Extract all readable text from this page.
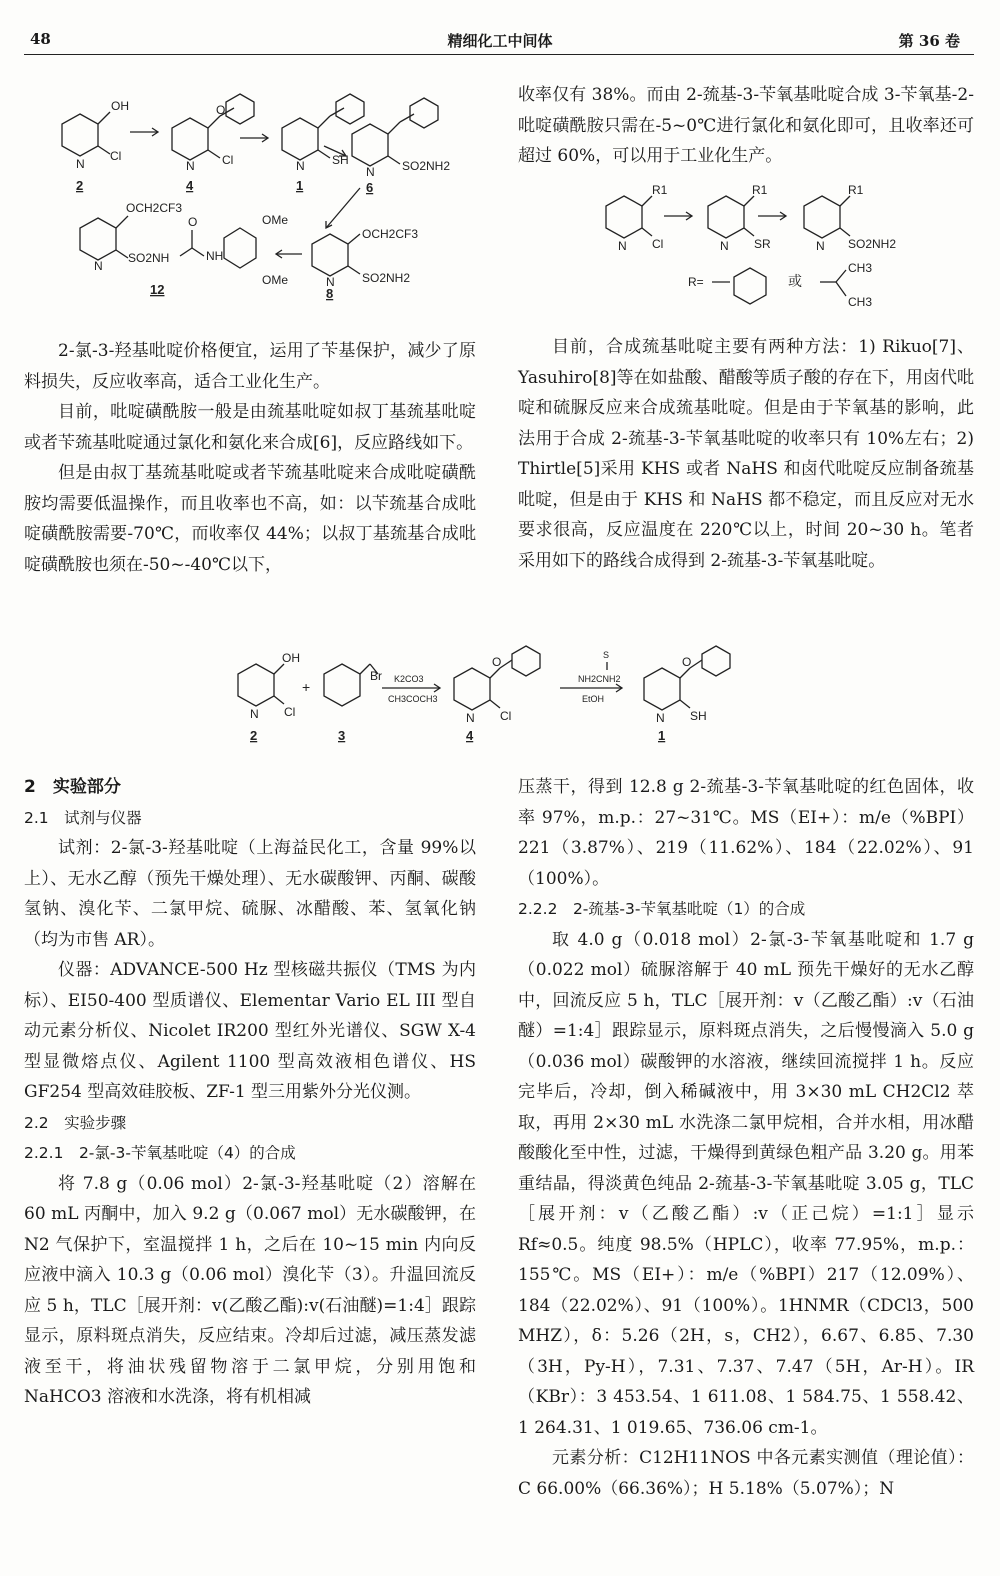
48	精细化工中间体	第 36 卷
OH
Cl
N	Cl
N
O
SH
N	SO2NH2
N
OCH2CF3
SO2NH2
N
OCH2CF3
SO2NH
N
O
NH
OMe
OMe
2	4	1	6
12	8

2-氯-3-羟基吡啶价格便宜，运用了苄基保护，减少了原料损失，反应收率高，适合工业化生产。

目前，吡啶磺酰胺一般是由巯基吡啶如叔丁基巯基吡啶或者苄巯基吡啶通过氯化和氨化来合成[6]，反应路线如下。

但是由叔丁基巯基吡啶或者苄巯基吡啶来合成吡啶磺酰胺均需要低温操作，而且收率也不高，如：以苄巯基合成吡啶磺酰胺需要-70℃，而收率仅 44%；以叔丁基巯基合成吡啶磺酰胺也须在-50~-40℃以下，

收率仅有 38%。而由 2-巯基-3-苄氧基吡啶合成 3-苄氧基-2-吡啶磺酰胺只需在-5~0℃进行氯化和氨化即可，且收率还可超过 60%，可以用于工业化生产。

R1
N Cl
R1
N SR
R1
N SO2NH2
R=	或
CH3
CH3

目前，合成巯基吡啶主要有两种方法：1) Rikuo[7]、Yasuhiro[8]等在如盐酸、醋酸等质子酸的存在下，用卤代吡啶和硫脲反应来合成巯基吡啶。但是由于苄氧基的影响，此法用于合成 2-巯基-3-苄氧基吡啶的收率只有 10%左右；2) Thirtle[5]采用 KHS 或者 NaHS 和卤代吡啶反应制备巯基吡啶，但是由于 KHS 和 NaHS 都不稳定，而且反应对无水要求很高，反应温度在 220℃以上，时间 20~30 h。笔者采用如下的路线合成得到 2-巯基-3-苄氧基吡啶。

OH
N Cl
+
Br K2CO3
CH3COCH3
O
N Cl
S
NH2CNH2
EtOH
O
N SH
2	3	4	1

2　实验部分

2.1　试剂与仪器

试剂：2-氯-3-羟基吡啶（上海益民化工，含量 99%以上）、无水乙醇（预先干燥处理）、无水碳酸钾、丙酮、碳酸氢钠、溴化苄、二氯甲烷、硫脲、冰醋酸、苯、氢氧化钠（均为市售 AR）。

仪器：ADVANCE-500 Hz 型核磁共振仪（TMS 为内标）、EI50-400 型质谱仪、Elementar Vario EL III 型自动元素分析仪、Nicolet IR200 型红外光谱仪、SGW X-4 型显微熔点仪、Agilent 1100 型高效液相色谱仪、HS GF254 型高效硅胶板、ZF-1 型三用紫外分光仪测。

2.2　实验步骤

2.2.1　2-氯-3-苄氧基吡啶（4）的合成

将 7.8 g（0.06 mol）2-氯-3-羟基吡啶（2）溶解在 60 mL 丙酮中，加入 9.2 g（0.067 mol）无水碳酸钾，在 N2 气保护下，室温搅拌 1 h，之后在 10~15 min 内向反应液中滴入 10.3 g（0.06 mol）溴化苄（3）。升温回流反应 5 h，TLC［展开剂：v(乙酸乙酯):v(石油醚)=1:4］跟踪显示，原料斑点消失，反应结束。冷却后过滤，减压蒸发滤液至干，将油状残留物溶于二氯甲烷，分别用饱和 NaHCO3 溶液和水洗涤，将有机相减

压蒸干，得到 12.8 g 2-巯基-3-苄氧基吡啶的红色固体，收率 97%，m.p.：27~31℃。MS（EI+）：m/e（%BPI）221（3.87%）、219（11.62%）、184（22.02%）、91（100%）。

2.2.2　2-巯基-3-苄氧基吡啶（1）的合成

取 4.0 g（0.018 mol）2-氯-3-苄氧基吡啶和 1.7 g（0.022 mol）硫脲溶解于 40 mL 预先干燥好的无水乙醇中，回流反应 5 h，TLC［展开剂：v（乙酸乙酯）:v（石油醚）=1:4］跟踪显示，原料斑点消失，之后慢慢滴入 5.0 g（0.036 mol）碳酸钾的水溶液，继续回流搅拌 1 h。反应完毕后，冷却，倒入稀碱液中，用 3×30 mL CH2Cl2 萃取，再用 2×30 mL 水洗涤二氯甲烷相，合并水相，用冰醋酸酸化至中性，过滤，干燥得到黄绿色粗产品 3.20 g。用苯重结晶，得淡黄色纯品 2-巯基-3-苄氧基吡啶 3.05 g，TLC［展开剂：v（乙酸乙酯）:v（正己烷）=1:1］显示 Rf≈0.5。纯度 98.5%（HPLC），收率 77.95%，m.p.：155℃。MS（EI+）：m/e（%BPI）217（12.09%）、184（22.02%）、91（100%）。1HNMR（CDCl3，500 MHZ），δ：5.26（2H，s，CH2），6.67、6.85、7.30（3H，Py-H），7.31、7.37、7.47（5H，Ar-H）。IR（KBr）：3 453.54、1 611.08、1 584.75、1 558.42、1 264.31、1 019.65、736.06 cm-1。

元素分析：C12H11NOS 中各元素实测值（理论值）：C 66.00%（66.36%）；H 5.18%（5.07%）；N
